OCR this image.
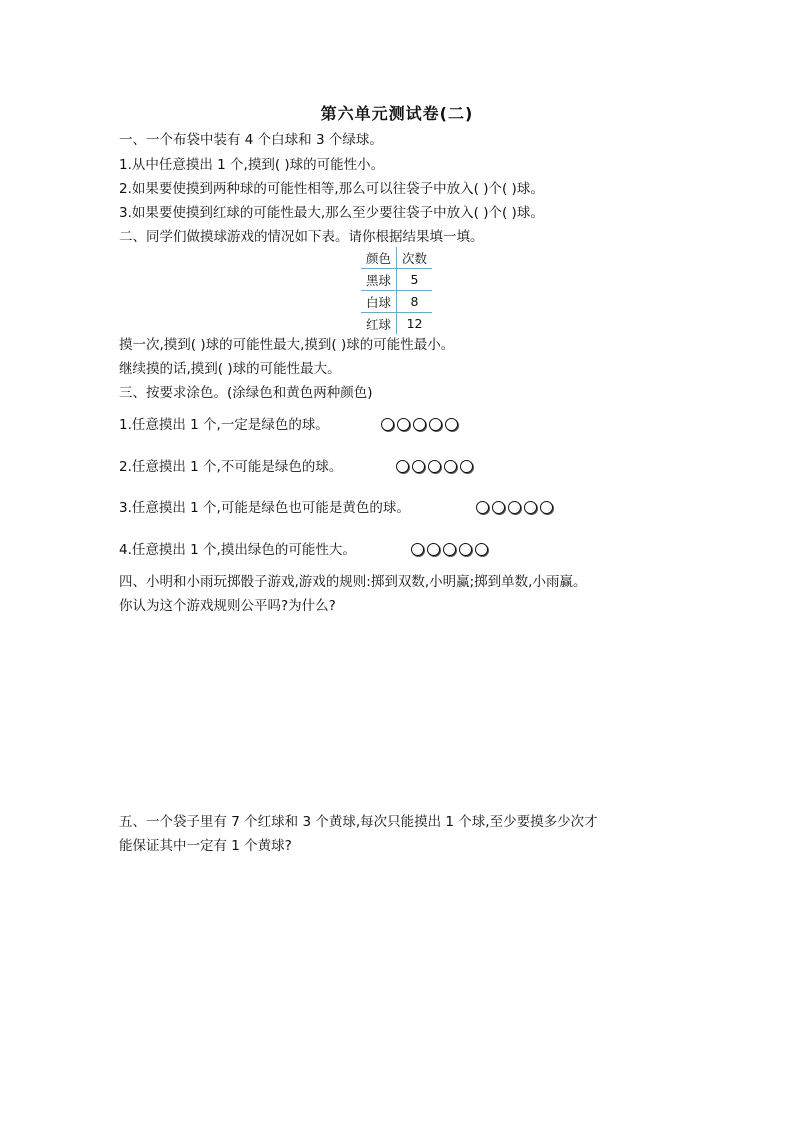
第六单元测试卷(二)
一、一个布袋中装有 4 个白球和 3 个绿球。
1.从中任意摸出 1 个,摸到( )球的可能性小。
2.如果要使摸到两种球的可能性相等,那么可以往袋子中放入( )个( )球。
3.如果要使摸到红球的可能性最大,那么至少要往袋子中放入( )个( )球。
二、同学们做摸球游戏的情况如下表。请你根据结果填一填。
颜色	次数
黑球	5
白球	8
红球	12
摸一次,摸到( )球的可能性最大,摸到( )球的可能性最小。
继续摸的话,摸到( )球的可能性最大。
三、按要求涂色。(涂绿色和黄色两种颜色)
1.任意摸出 1 个,一定是绿色的球。
2.任意摸出 1 个,不可能是绿色的球。
3.任意摸出 1 个,可能是绿色也可能是黄色的球。
4.任意摸出 1 个,摸出绿色的可能性大。
四、小明和小雨玩掷骰子游戏,游戏的规则:掷到双数,小明赢;掷到单数,小雨赢。
你认为这个游戏规则公平吗?为什么?
五、一个袋子里有 7 个红球和 3 个黄球,每次只能摸出 1 个球,至少要摸多少次才
能保证其中一定有 1 个黄球?
